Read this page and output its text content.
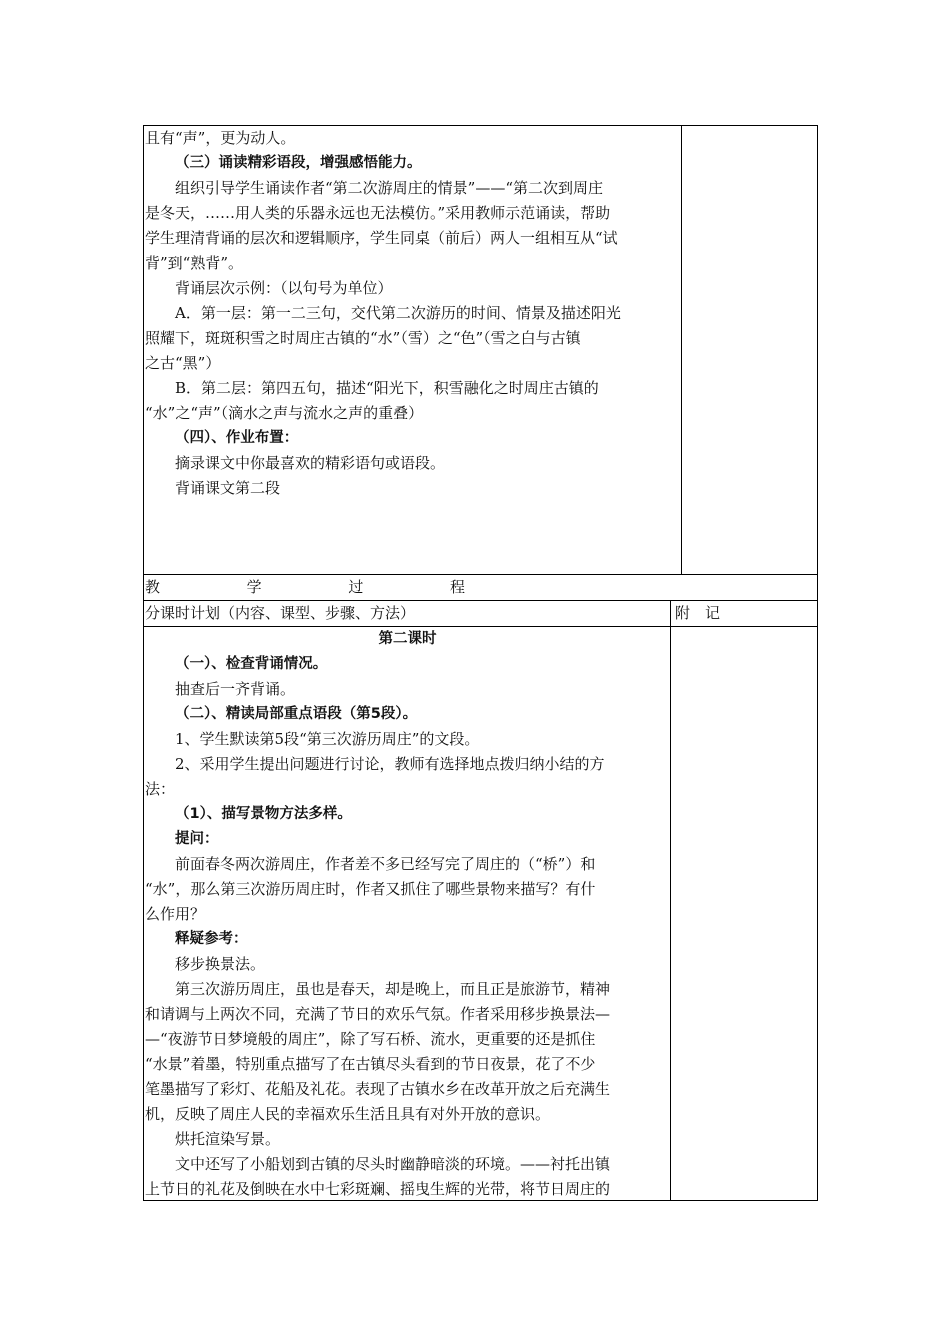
且有“声”，更为动人。
（三）诵读精彩语段，增强感悟能力。
组织引导学生诵读作者“第二次游周庄的情景”——“第二次到周庄
是冬天，……用人类的乐器永远也无法模仿。”采用教师示范诵读，帮助
学生理清背诵的层次和逻辑顺序，学生同桌（前后）两人一组相互从“试
背”到“熟背”。
背诵层次示例：（以句号为单位）
A．第一层：第一二三句，交代第二次游历的时间、情景及描述阳光
照耀下，斑斑积雪之时周庄古镇的“水”（雪）之“色”（雪之白与古镇
之古“黑”）
B．第二层：第四五句，描述“阳光下，积雪融化之时周庄古镇的
“水”之“声”（滴水之声与流水之声的重叠）
（四）、作业布置：
摘录课文中你最喜欢的精彩语句或语段。
背诵课文第二段
教	学	过	程
分课时计划（内容、课型、步骤、方法）	附　记
第二课时
（一）、检查背诵情况。
抽查后一齐背诵。
（二）、精读局部重点语段（第5段）。
1、学生默读第5段“第三次游历周庄”的文段。
2、采用学生提出问题进行讨论，教师有选择地点拨归纳小结的方
法：
（1）、描写景物方法多样。
提问：
前面春冬两次游周庄，作者差不多已经写完了周庄的（“桥”）和
“水”，那么第三次游历周庄时，作者又抓住了哪些景物来描写？有什
么作用？
释疑参考：
移步换景法。
第三次游历周庄，虽也是春天，却是晚上，而且正是旅游节，精神
和请调与上两次不同，充满了节日的欢乐气氛。作者采用移步换景法—
—“夜游节日梦境般的周庄”，除了写石桥、流水，更重要的还是抓住
“水景”着墨，特别重点描写了在古镇尽头看到的节日夜景，花了不少
笔墨描写了彩灯、花船及礼花。表现了古镇水乡在改革开放之后充满生
机，反映了周庄人民的幸福欢乐生活且具有对外开放的意识。
烘托渲染写景。
文中还写了小船划到古镇的尽头时幽静暗淡的环境。——衬托出镇
上节日的礼花及倒映在水中七彩斑斓、摇曳生辉的光带，将节日周庄的
